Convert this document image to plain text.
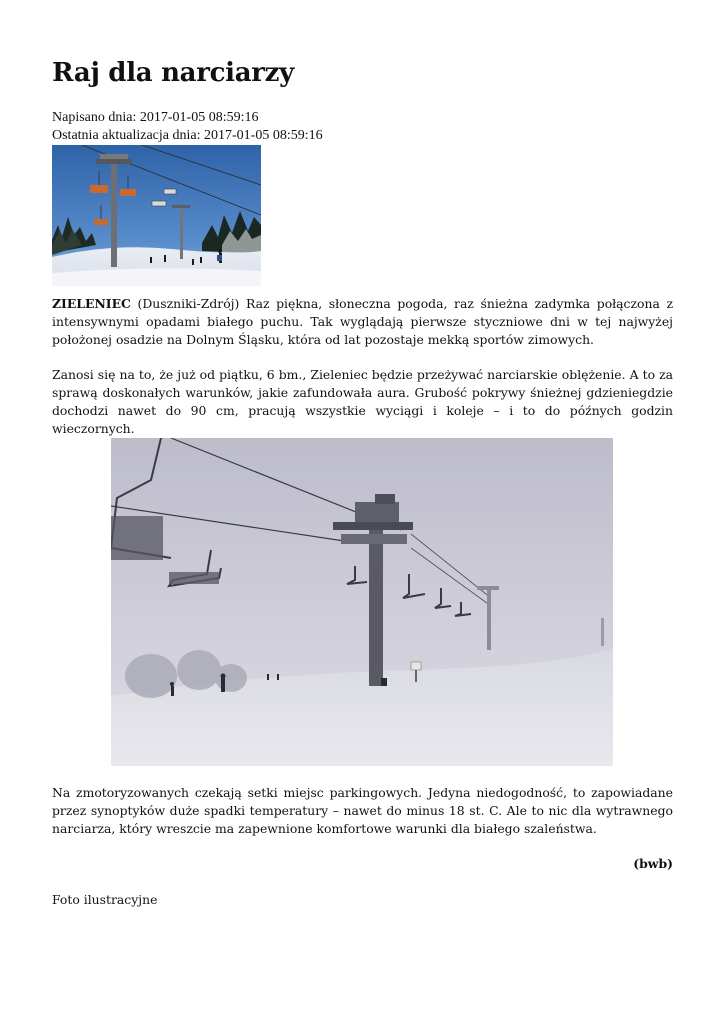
Raj dla narciarzy
Napisano dnia: 2017-01-05 08:59:16
Ostatnia aktualizacja dnia: 2017-01-05 08:59:16

ZIELENIEC (Duszniki-Zdrój) Raz piękna, słoneczna pogoda, raz śnieżna zadymka połączona z intensywnymi opadami białego puchu. Tak wyglądają pierwsze styczniowe dni w tej najwyżej położonej osadzie na Dolnym Śląsku, która od lat pozostaje mekką sportów zimowych.

Zanosi się na to, że już od piątku, 6 bm., Zieleniec będzie przeżywać narciarskie oblężenie. A to za sprawą doskonałych warunków, jakie zafundowała aura. Grubość pokrywy śnieżnej gdzieniegdzie dochodzi nawet do 90 cm, pracują wszystkie wyciągi i koleje – i to do późnych godzin wieczornych.

Na zmotoryzowanych czekają setki miejsc parkingowych. Jedyna niedogodność, to zapowiadane przez synoptyków duże spadki temperatury – nawet do minus 18 st. C. Ale to nic dla wytrawnego narciarza, który wreszcie ma zapewnione komfortowe warunki dla białego szaleństwa.

(bwb)
Foto ilustracyjne
